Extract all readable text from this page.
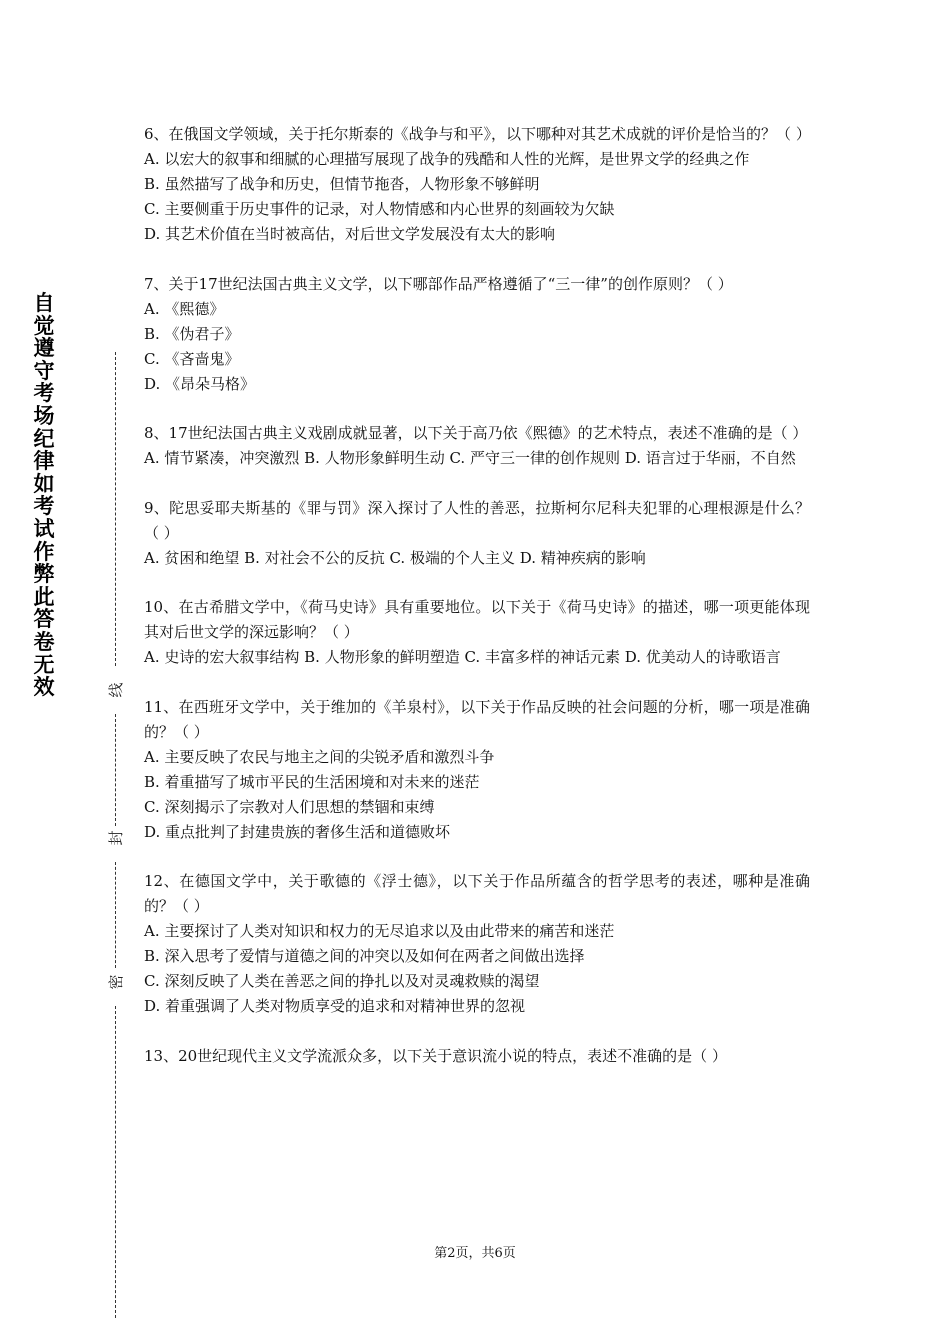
自觉遵守考场纪律如考试作弊此答卷无效	线
封
密

6、在俄国文学领域，关于托尔斯泰的《战争与和平》，以下哪种对其艺术成就的评价是恰当的？（ ）

A. 以宏大的叙事和细腻的心理描写展现了战争的残酷和人性的光辉，是世界文学的经典之作

B. 虽然描写了战争和历史，但情节拖沓，人物形象不够鲜明

C. 主要侧重于历史事件的记录，对人物情感和内心世界的刻画较为欠缺

D. 其艺术价值在当时被高估，对后世文学发展没有太大的影响

7、关于17世纪法国古典主义文学，以下哪部作品严格遵循了“三一律”的创作原则？（ ）

A. 《熙德》

B. 《伪君子》

C. 《吝啬鬼》

D. 《昂朵马格》

8、17世纪法国古典主义戏剧成就显著，以下关于高乃依《熙德》的艺术特点，表述不准确的是（ ）

A. 情节紧凑，冲突激烈 B. 人物形象鲜明生动 C. 严守三一律的创作规则 D. 语言过于华丽，不自然

9、陀思妥耶夫斯基的《罪与罚》深入探讨了人性的善恶，拉斯柯尔尼科夫犯罪的心理根源是什么？（ ）

A. 贫困和绝望 B. 对社会不公的反抗 C. 极端的个人主义 D. 精神疾病的影响

10、在古希腊文学中，《荷马史诗》具有重要地位。以下关于《荷马史诗》的描述，哪一项更能体现其对后世文学的深远影响？（ ）

A. 史诗的宏大叙事结构 B. 人物形象的鲜明塑造 C. 丰富多样的神话元素 D. 优美动人的诗歌语言

11、在西班牙文学中，关于维加的《羊泉村》，以下关于作品反映的社会问题的分析，哪一项是准确的？（ ）

A. 主要反映了农民与地主之间的尖锐矛盾和激烈斗争

B. 着重描写了城市平民的生活困境和对未来的迷茫

C. 深刻揭示了宗教对人们思想的禁锢和束缚

D. 重点批判了封建贵族的奢侈生活和道德败坏

12、在德国文学中，关于歌德的《浮士德》，以下关于作品所蕴含的哲学思考的表述，哪种是准确的？（ ）

A. 主要探讨了人类对知识和权力的无尽追求以及由此带来的痛苦和迷茫

B. 深入思考了爱情与道德之间的冲突以及如何在两者之间做出选择

C. 深刻反映了人类在善恶之间的挣扎以及对灵魂救赎的渴望

D. 着重强调了人类对物质享受的追求和对精神世界的忽视

13、20世纪现代主义文学流派众多，以下关于意识流小说的特点，表述不准确的是（ ）

第2页，共6页
